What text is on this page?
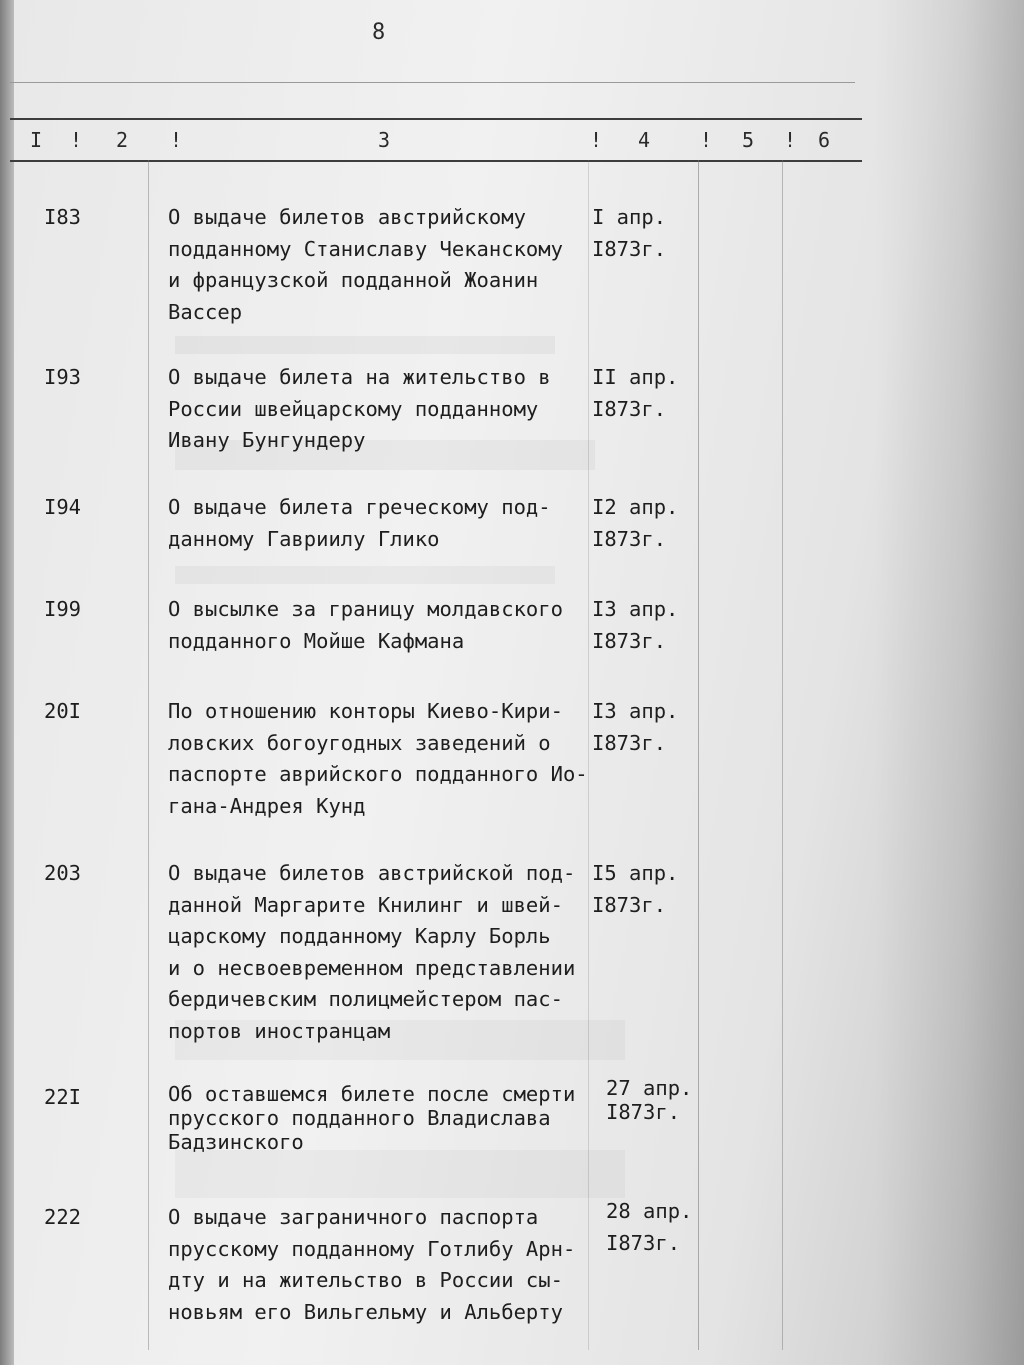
8
I ! 2 !	3	! 4 ! 5 ! 6
I83	О выдаче билетов австрийскому
подданному Станиславу Чеканскому
и французской подданной Жоанин
Вассер
I апр.
I873г.
I93	О выдаче билета на жительство в
России швейцарскому подданному
Ивану Бунгундеру
II апр.
I873г.
I94	О выдаче билета греческому под-
данному Гавриилу Глико
I2 апр.
I873г.
I99	О высылке за границу молдавского
подданного Мойше Кафмана
I3 апр.
I873г.
20I	По отношению конторы Киево-Кири-
ловских богоугодных заведений о
паспорте аврийского подданного Ио-
гана-Андрея Кунд
I3 апр.
I873г.
203	О выдаче билетов австрийской под-
данной Маргарите Книлинг и швей-
царскому подданному Карлу Борль
и о несвоевременном представлении
бердичевским полицмейстером пас-
портов иностранцам
I5 апр.
I873г.
22I	Об оставшемся билете после смерти
прусского подданного Владислава
Бадзинского
27 апр.
I873г.
222	О выдаче заграничного паспорта
прусскому подданному Готлибу Арн-
дту и на жительство в России сы-
новьям его Вильгельму и Альберту
28 апр.
I873г.
